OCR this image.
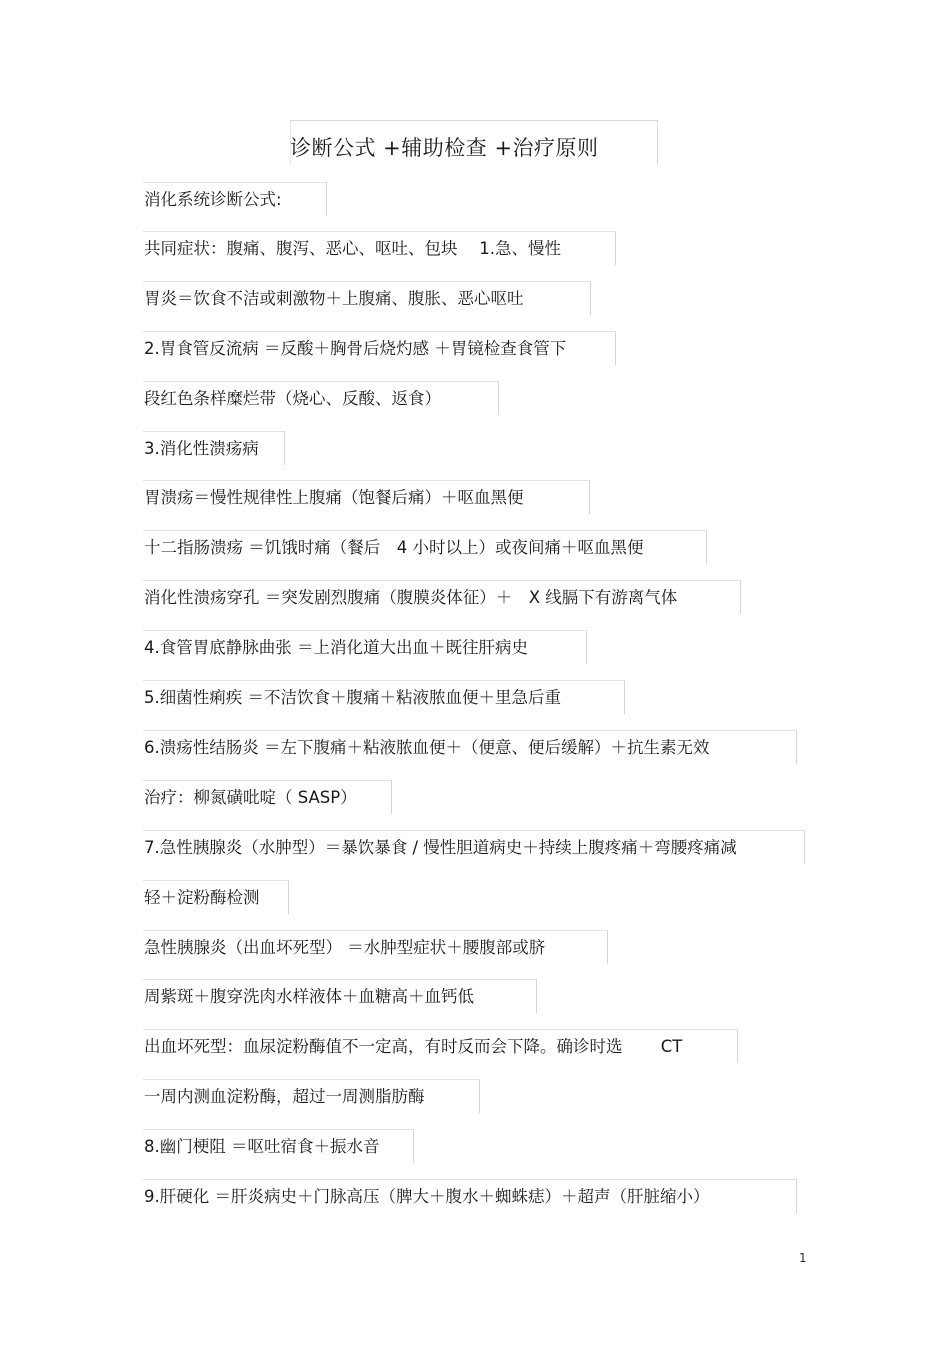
诊断公式 +辅助检查 +治疗原则
消化系统诊断公式:
共同症状：腹痛、腹泻、恶心、呕吐、包块　 1.急、慢性
胃炎＝饮食不洁或刺激物＋上腹痛、腹胀、恶心呕吐
2.胃食管反流病 ＝反酸＋胸骨后烧灼感 ＋胃镜检查食管下
段红色条样糜烂带（烧心、反酸、返食）
3.消化性溃疡病
胃溃疡＝慢性规律性上腹痛（饱餐后痛）＋呕血黑便
十二指肠溃疡 ＝饥饿时痛（餐后　4 小时以上）或夜间痛＋呕血黑便
消化性溃疡穿孔 ＝突发剧烈腹痛（腹膜炎体征）＋　X 线膈下有游离气体
4.食管胃底静脉曲张 ＝上消化道大出血＋既往肝病史
5.细菌性痢疾 ＝不洁饮食＋腹痛＋粘液脓血便＋里急后重
6.溃疡性结肠炎 ＝左下腹痛＋粘液脓血便＋（便意、便后缓解）＋抗生素无效
治疗：柳氮磺吡啶（ SASP）
7.急性胰腺炎（水肿型）＝暴饮暴食 / 慢性胆道病史＋持续上腹疼痛＋弯腰疼痛减
轻＋淀粉酶检测
急性胰腺炎（出血坏死型） ＝水肿型症状＋腰腹部或脐
周紫斑＋腹穿洗肉水样液体＋血糖高＋血钙低
出血坏死型：血尿淀粉酶值不一定高，有时反而会下降。确诊时选　　 CT
一周内测血淀粉酶，超过一周测脂肪酶
8.幽门梗阻 ＝呕吐宿食＋振水音
9.肝硬化 ＝肝炎病史＋门脉高压（脾大＋腹水＋蜘蛛痣）＋超声（肝脏缩小）
1
